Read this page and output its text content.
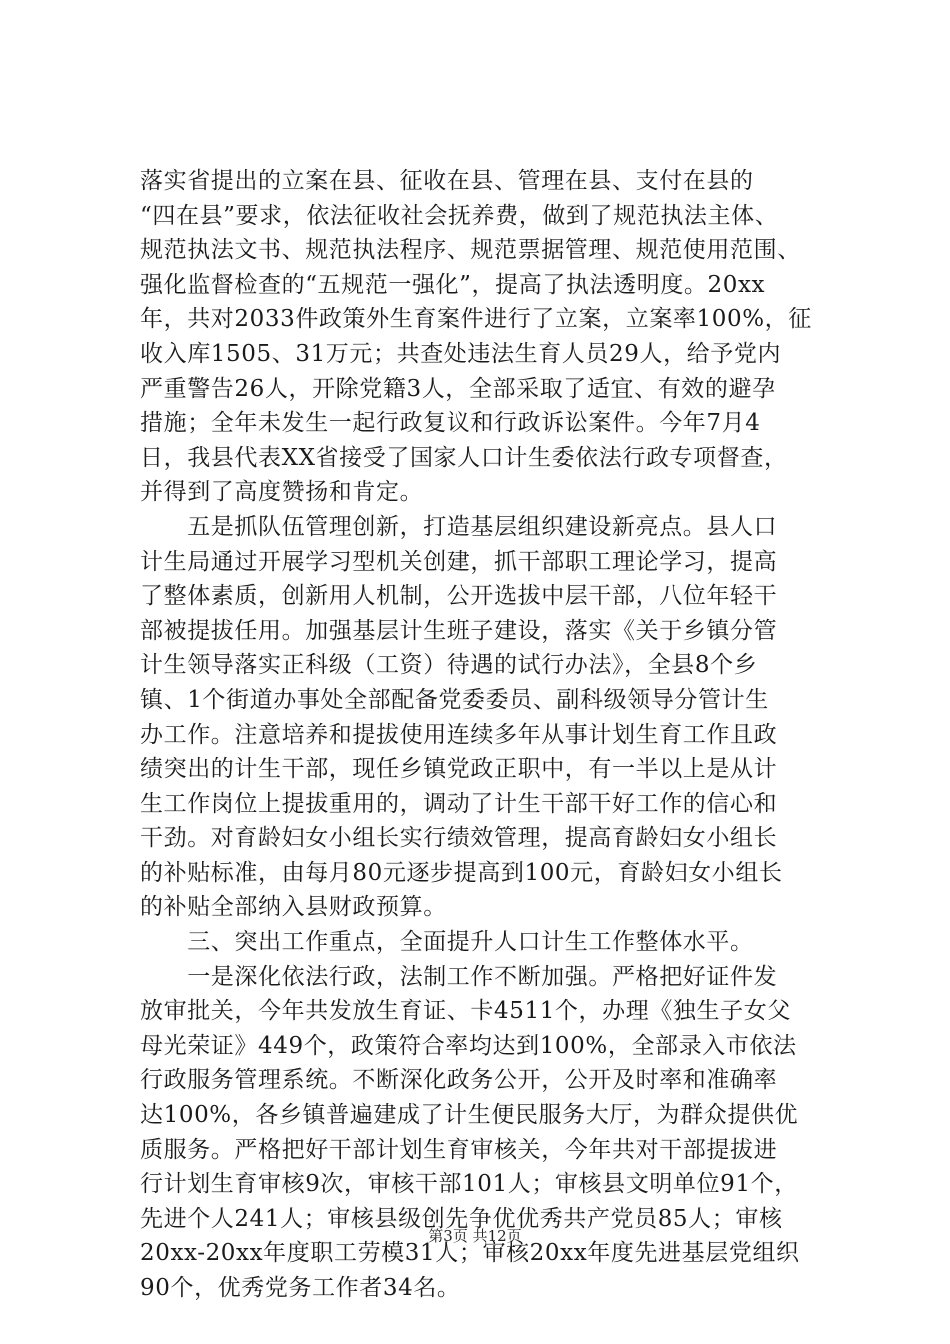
落实省提出的立案在县、征收在县、管理在县、支付在县的
“四在县”要求，依法征收社会抚养费，做到了规范执法主体、
规范执法文书、规范执法程序、规范票据管理、规范使用范围、
强化监督检查的“五规范一强化”，提高了执法透明度。20xx
年，共对2033件政策外生育案件进行了立案，立案率100%，征
收入库1505、31万元；共查处违法生育人员29人，给予党内
严重警告26人，开除党籍3人，全部采取了适宜、有效的避孕
措施；全年未发生一起行政复议和行政诉讼案件。今年7月4
日，我县代表XX省接受了国家人口计生委依法行政专项督查，
并得到了高度赞扬和肯定。
　　五是抓队伍管理创新，打造基层组织建设新亮点。县人口
计生局通过开展学习型机关创建，抓干部职工理论学习，提高
了整体素质，创新用人机制，公开选拔中层干部，八位年轻干
部被提拔任用。加强基层计生班子建设，落实《关于乡镇分管
计生领导落实正科级（工资）待遇的试行办法》，全县8个乡
镇、1个街道办事处全部配备党委委员、副科级领导分管计生
办工作。注意培养和提拔使用连续多年从事计划生育工作且政
绩突出的计生干部，现任乡镇党政正职中，有一半以上是从计
生工作岗位上提拔重用的，调动了计生干部干好工作的信心和
干劲。对育龄妇女小组长实行绩效管理，提高育龄妇女小组长
的补贴标准，由每月80元逐步提高到100元，育龄妇女小组长
的补贴全部纳入县财政预算。
　　三、突出工作重点，全面提升人口计生工作整体水平。
　　一是深化依法行政，法制工作不断加强。严格把好证件发
放审批关，今年共发放生育证、卡4511个，办理《独生子女父
母光荣证》449个，政策符合率均达到100%，全部录入市依法
行政服务管理系统。不断深化政务公开，公开及时率和准确率
达100%，各乡镇普遍建成了计生便民服务大厅，为群众提供优
质服务。严格把好干部计划生育审核关，今年共对干部提拔进
行计划生育审核9次，审核干部101人；审核县文明单位91个，
先进个人241人；审核县级创先争优优秀共产党员85人；审核
20xx-20xx年度职工劳模31人；审核20xx年度先进基层党组织
90个，优秀党务工作者34名。
第3页 共12页
